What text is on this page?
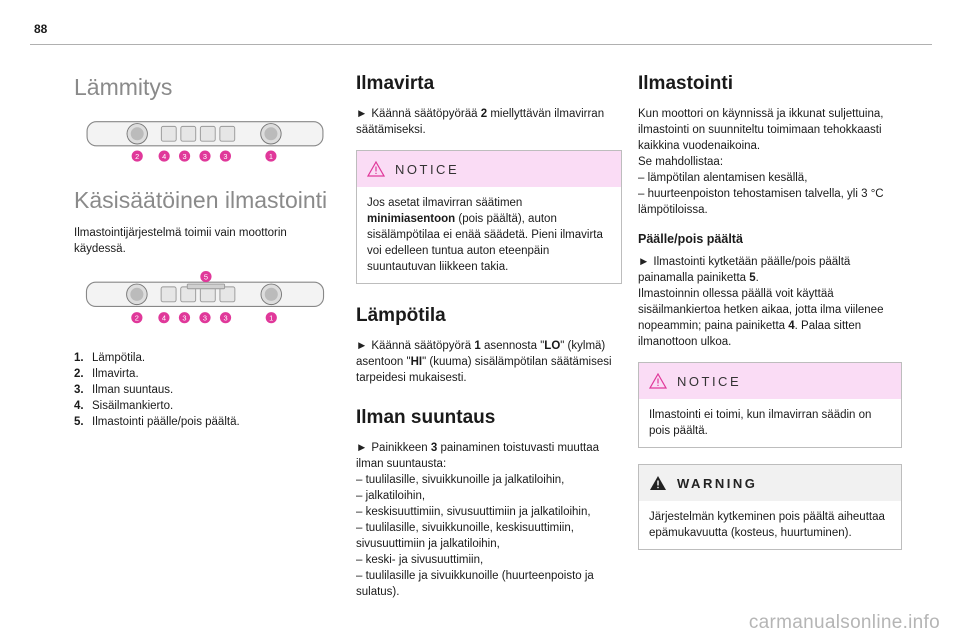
88
Lämmitys
2	4 3 3 3	1
Käsisäätöinen ilmastointi

Ilmastointijärjestelmä toimii vain moottorin käydessä.

2	4 3 3 3	1
5
1. Lämpötila.
2. Ilmavirta.
3. Ilman suuntaus.
4. Sisäilmankierto.
5. Ilmastointi päälle/pois päältä.
Ilmavirta

► Käännä säätöpyörää 2 miellyttävän ilmavirran säätämiseksi.

NOTICE

Jos asetat ilmavirran säätimen minimiasentoon (pois päältä), auton sisälämpötilaa ei enää säädetä. Pieni ilmavirta voi edelleen tuntua auton eteenpäin suuntautuvan liikkeen takia.

Lämpötila

► Käännä säätöpyörä 1 asennosta "LO" (kylmä) asentoon "HI" (kuuma) sisälämpötilan säätämisesi tarpeidesi mukaisesti.

Ilman suuntaus

► Painikkeen 3 painaminen toistuvasti muuttaa ilman suuntausta:

– tuulilasille, sivuikkunoille ja jalkatiloihin,

– jalkatiloihin,

– keskisuuttimiin, sivusuuttimiin ja jalkatiloihin,

– tuulilasille, sivuikkunoille, keskisuuttimiin, sivusuuttimiin ja jalkatiloihin,

– keski- ja sivusuuttimiin,

– tuulilasille ja sivuikkunoille (huurteenpoisto ja sulatus).

Ilmastointi

Kun moottori on käynnissä ja ikkunat suljettuina, ilmastointi on suunniteltu toimimaan tehokkaasti kaikkina vuodenaikoina.

Se mahdollistaa:

– lämpötilan alentamisen kesällä,

– huurteenpoiston tehostamisen talvella, yli 3 °C lämpötiloissa.

Päälle/pois päältä

► Ilmastointi kytketään päälle/pois päältä painamalla painiketta 5.

Ilmastoinnin ollessa päällä voit käyttää sisäilmankiertoa hetken aikaa, jotta ilma viilenee nopeammin; paina painiketta 4. Palaa sitten ilmanottoon ulkoa.

NOTICE

Ilmastointi ei toimi, kun ilmavirran säädin on pois päältä.

WARNING

Järjestelmän kytkeminen pois päältä aiheuttaa epämukavuutta (kosteus, huurtuminen).

carmanualsonline.info
